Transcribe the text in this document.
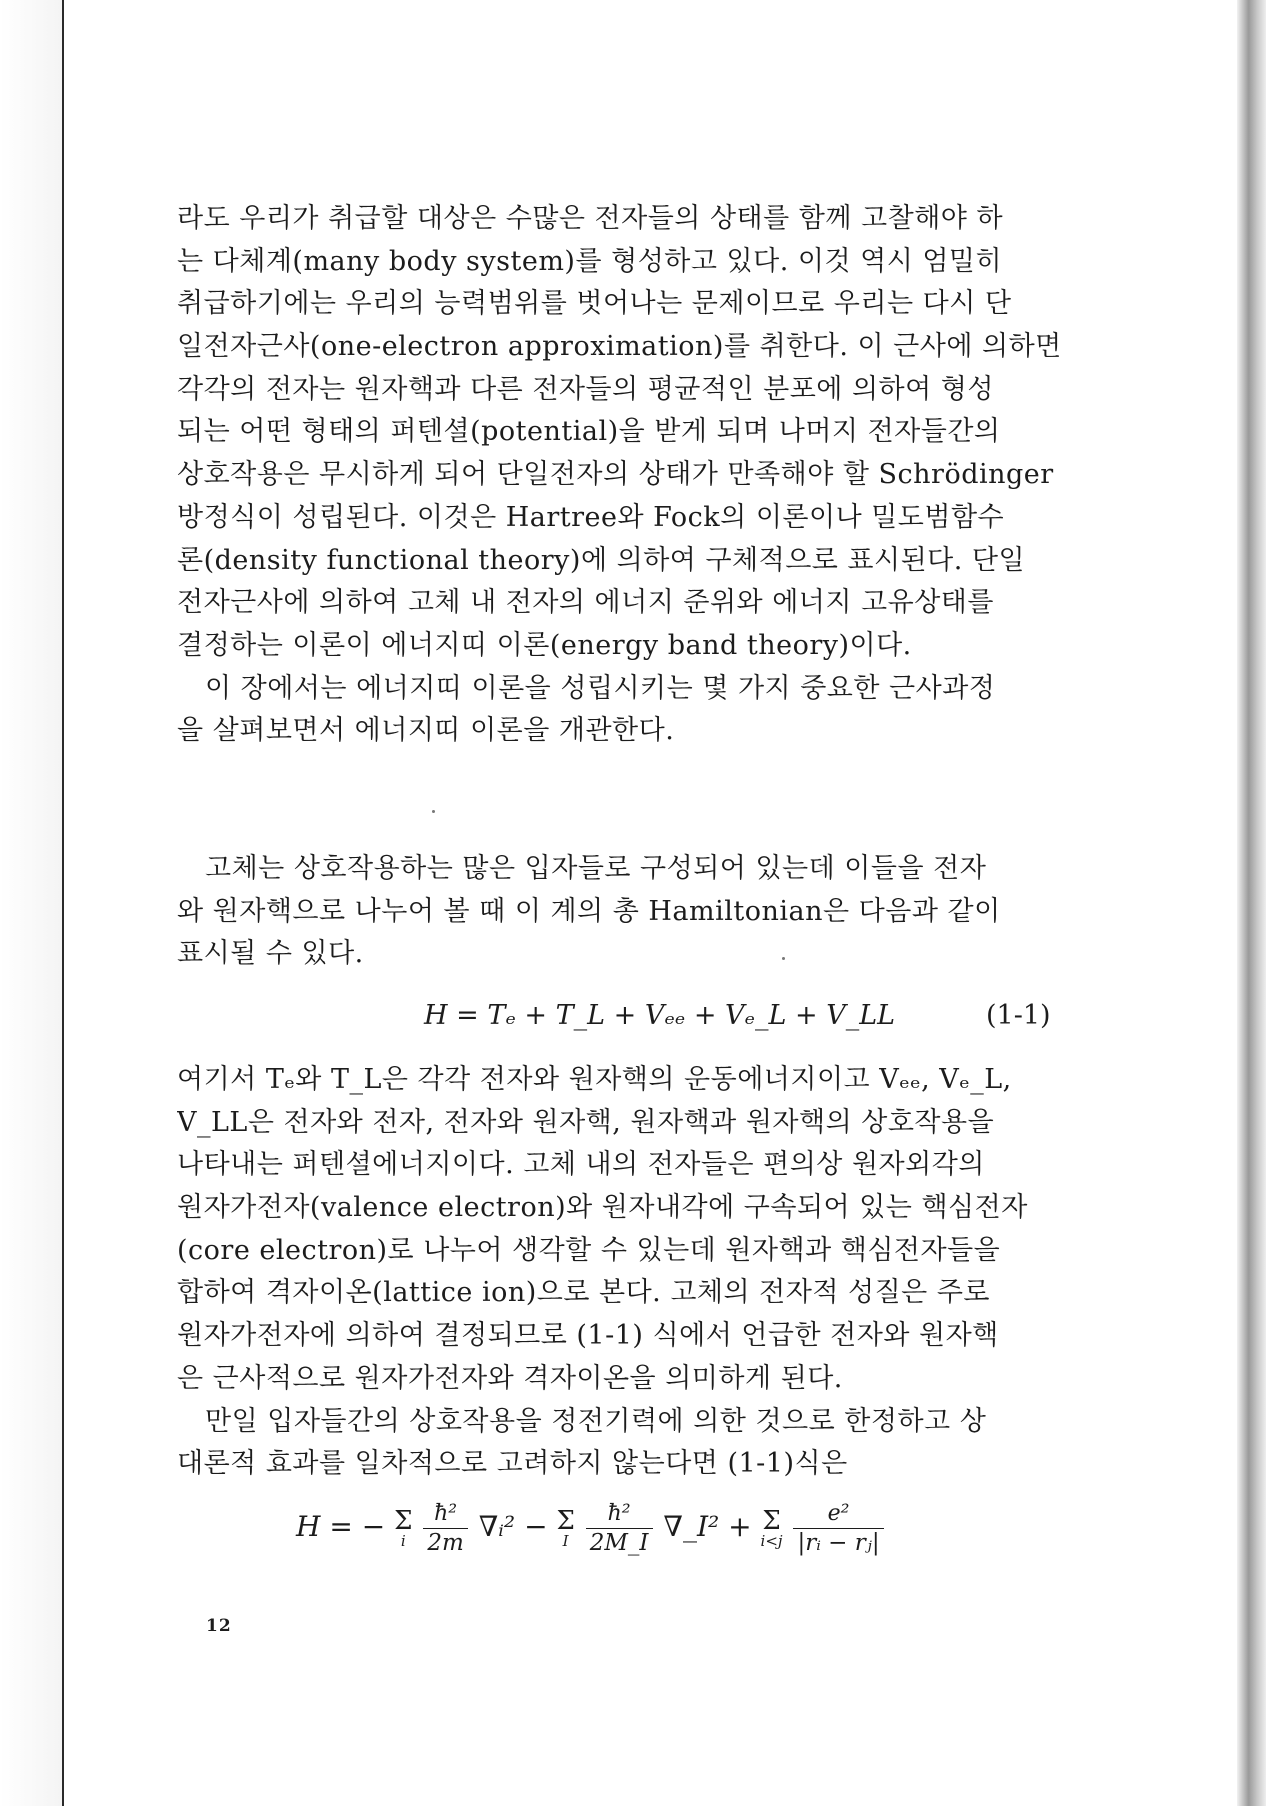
라도 우리가 취급할 대상은 수많은 전자들의 상태를 함께 고찰해야 하
는 다체계(many body system)를 형성하고 있다. 이것 역시 엄밀히
취급하기에는 우리의 능력범위를 벗어나는 문제이므로 우리는 다시 단
일전자근사(one-electron approximation)를 취한다. 이 근사에 의하면
각각의 전자는 원자핵과 다른 전자들의 평균적인 분포에 의하여 형성
되는 어떤 형태의 퍼텐셜(potential)을 받게 되며 나머지 전자들간의
상호작용은 무시하게 되어 단일전자의 상태가 만족해야 할 Schrödinger
방정식이 성립된다. 이것은 Hartree와 Fock의 이론이나 밀도범함수
론(density functional theory)에 의하여 구체적으로 표시된다. 단일
전자근사에 의하여 고체 내 전자의 에너지 준위와 에너지 고유상태를
결정하는 이론이 에너지띠 이론(energy band theory)이다.
이 장에서는 에너지띠 이론을 성립시키는 몇 가지 중요한 근사과정
을 살펴보면서 에너지띠 이론을 개관한다.
고체는 상호작용하는 많은 입자들로 구성되어 있는데 이들을 전자
와 원자핵으로 나누어 볼 때 이 계의 총 Hamiltonian은 다음과 같이
표시될 수 있다.
H = Tₑ + T_L + Vₑₑ + Vₑ_L + V_LL	(1-1)
여기서 Tₑ와 T_L은 각각 전자와 원자핵의 운동에너지이고 Vₑₑ, Vₑ_L,
V_LL은 전자와 전자, 전자와 원자핵, 원자핵과 원자핵의 상호작용을
나타내는 퍼텐셜에너지이다. 고체 내의 전자들은 편의상 원자외각의
원자가전자(valence electron)와 원자내각에 구속되어 있는 핵심전자
(core electron)로 나누어 생각할 수 있는데 원자핵과 핵심전자들을
합하여 격자이온(lattice ion)으로 본다. 고체의 전자적 성질은 주로
원자가전자에 의하여 결정되므로 (1-1) 식에서 언급한 전자와 원자핵
은 근사적으로 원자가전자와 격자이온을 의미하게 된다.
만일 입자들간의 상호작용을 정전기력에 의한 것으로 한정하고 상
대론적 효과를 일차적으로 고려하지 않는다면 (1-1)식은
H = − Σ
i
$\frac{\text{ħ²}}{2m}$ ∇ᵢ² − Σ
I
$\frac{\text{ħ²}}{2M\_I}$ ∇_I² + Σ
i<j
$\frac{\text{e²}}{\text{|rᵢ − rⱼ|}}$
12
